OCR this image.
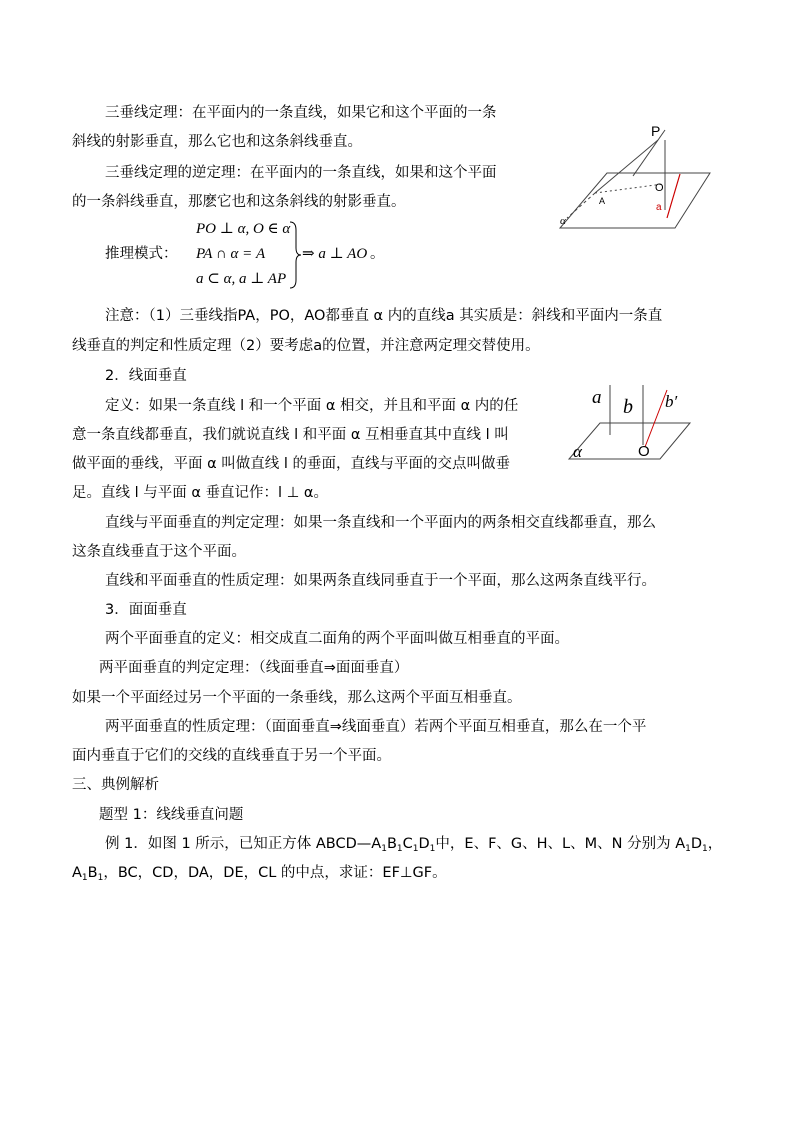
三垂线定理：在平面内的一条直线，如果它和这个平面的一条
斜线的射影垂直，那么它也和这条斜线垂直。
三垂线定理的逆定理：在平面内的一条直线，如果和这个平面
的一条斜线垂直，那麽它也和这条斜线的射影垂直。
推理模式：
PO ⊥ α, O ∈ α
PA ∩ α = A
a ⊂ α, a ⊥ AP
⇒ a ⊥ AO 。
P
O
A
a
α
注意：（1）三垂线指PA，PO，AO都垂直 α 内的直线a 其实质是：斜线和平面内一条直
线垂直的判定和性质定理（2）要考虑a的位置，并注意两定理交替使用。
2．线面垂直
定义：如果一条直线 l 和一个平面 α 相交，并且和平面 α 内的任
意一条直线都垂直，我们就说直线 l 和平面 α 互相垂直其中直线 l 叫
做平面的垂线，平面 α 叫做直线 l 的垂面，直线与平面的交点叫做垂
足。直线 l 与平面 α 垂直记作：l ⊥ α。
a b b′
α	O
直线与平面垂直的判定定理：如果一条直线和一个平面内的两条相交直线都垂直，那么
这条直线垂直于这个平面。
直线和平面垂直的性质定理：如果两条直线同垂直于一个平面，那么这两条直线平行。
3．面面垂直
两个平面垂直的定义：相交成直二面角的两个平面叫做互相垂直的平面。
两平面垂直的判定定理：（线面垂直⇒面面垂直）
如果一个平面经过另一个平面的一条垂线，那么这两个平面互相垂直。
两平面垂直的性质定理：（面面垂直⇒线面垂直）若两个平面互相垂直，那么在一个平
面内垂直于它们的交线的直线垂直于另一个平面。
三、典例解析
题型 1：线线垂直问题
例 1．如图 1 所示，已知正方体 $ABCD—A_1B_1C_1D_1$中，E、F、G、H、L、M、N 分别为 $A_1D_1$，
$A_1B_1$，BC，CD，DA，DE，CL 的中点，求证：EF⊥GF。
